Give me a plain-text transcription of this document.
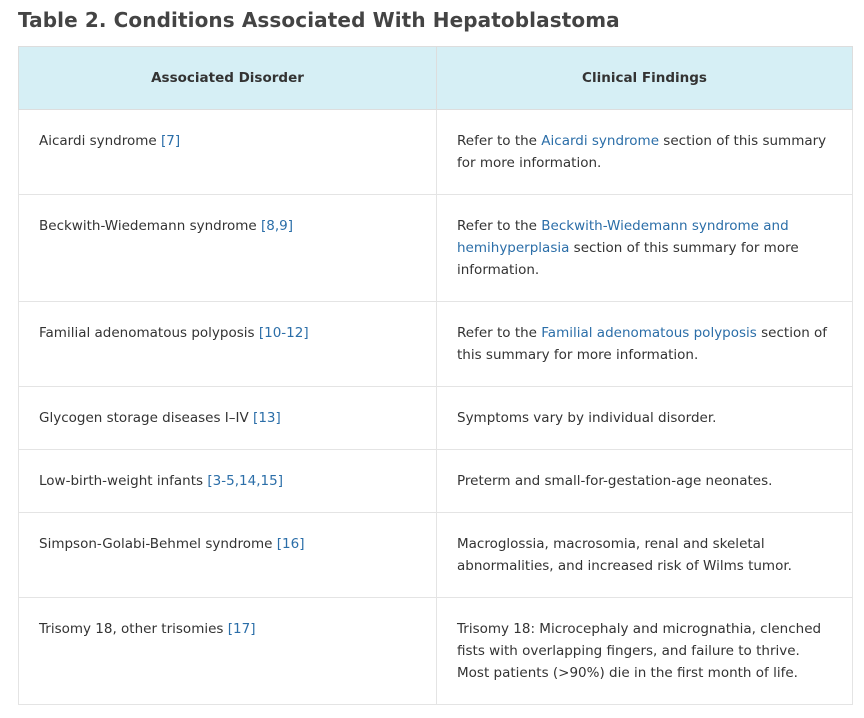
Table 2. Conditions Associated With Hepatoblastoma
Associated Disorder	Clinical Findings
Aicardi syndrome [7]	Refer to the Aicardi syndrome section of this summary for more information.
Beckwith-Wiedemann syndrome [8,9]	Refer to the Beckwith-Wiedemann syndrome and hemihyperplasia section of this summary for more information.
Familial adenomatous polyposis [10-12]	Refer to the Familial adenomatous polyposis section of this summary for more information.
Glycogen storage diseases I–IV [13]	Symptoms vary by individual disorder.
Low-birth-weight infants [3-5,14,15]	Preterm and small-for-gestation-age neonates.
Simpson-Golabi-Behmel syndrome [16]	Macroglossia, macrosomia, renal and skeletal abnormalities, and increased risk of Wilms tumor.
Trisomy 18, other trisomies [17]	Trisomy 18: Microcephaly and micrognathia, clenched fists with overlapping fingers, and failure to thrive. Most patients (>90%) die in the first month of life.
